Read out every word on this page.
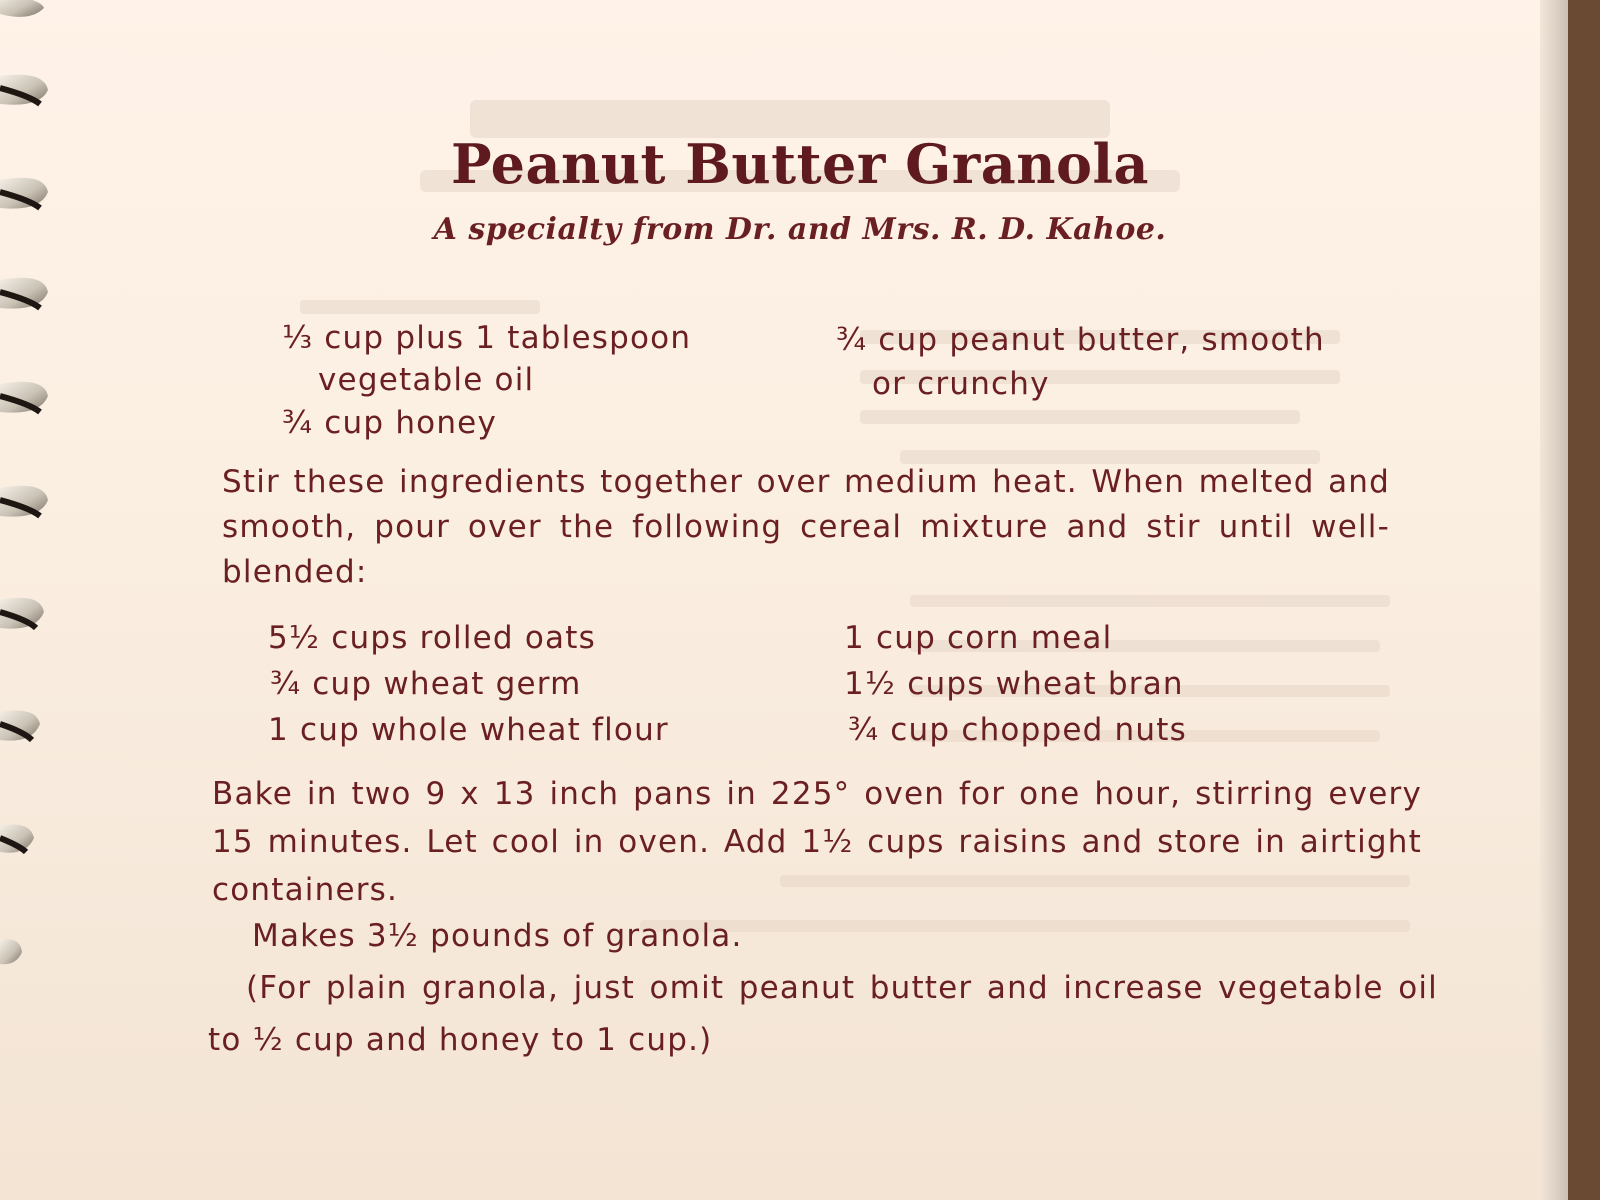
Peanut Butter Granola
A specialty from Dr. and Mrs. R. D. Kahoe.
⅓ cup plus 1 tablespoon
vegetable oil
¾ cup honey
¾ cup peanut butter, smooth
or crunchy
Stir these ingredients together over medium heat. When melted and smooth, pour over the following cereal mixture and stir until well-blended:
5½ cups rolled oats
¾ cup wheat germ
1 cup whole wheat flour
1 cup corn meal
1½ cups wheat bran
¾ cup chopped nuts
Bake in two 9 x 13 inch pans in 225° oven for one hour, stirring every 15 minutes. Let cool in oven. Add 1½ cups raisins and store in airtight containers.
Makes 3½ pounds of granola.
(For plain granola, just omit peanut butter and increase vegetable oil to ½ cup and honey to 1 cup.)
